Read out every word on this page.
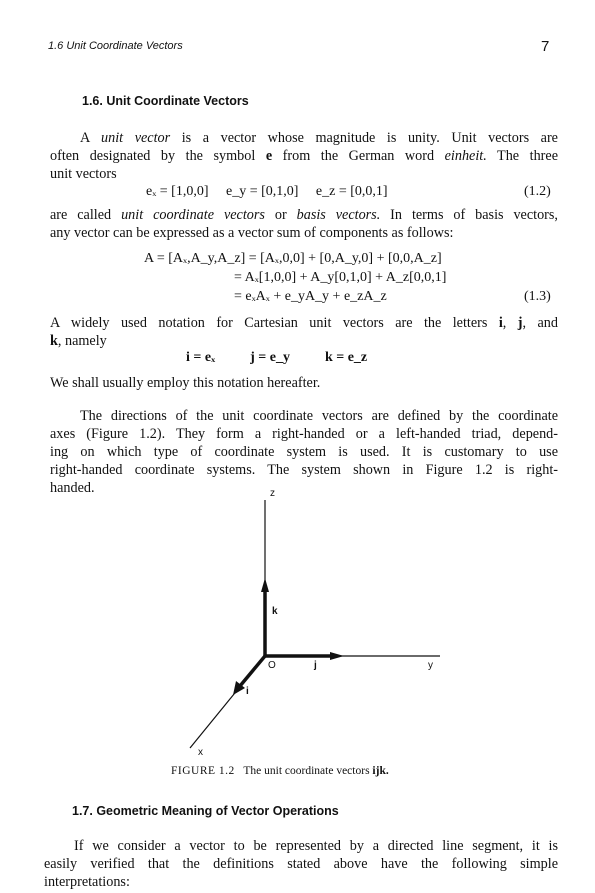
1.6 Unit Coordinate Vectors	7
1.6. Unit Coordinate Vectors
A unit vector is a vector whose magnitude is unity. Unit vectors are
often designated by the symbol e from the German word einheit. The three
unit vectors
eₓ = [1,0,0]     e_y = [0,1,0]     e_z = [0,0,1]	(1.2)
are called unit coordinate vectors or basis vectors. In terms of basis vectors,
any vector can be expressed as a vector sum of components as follows:
A = [Aₓ,A_y,A_z] = [Aₓ,0,0] + [0,A_y,0] + [0,0,A_z]
= Aₓ[1,0,0] + A_y[0,1,0] + A_z[0,0,1]
= eₓAₓ + e_yA_y + e_zA_z	(1.3)
A widely used notation for Cartesian unit vectors are the letters i, j, and
k, namely
i = eₓ          j = e_y          k = e_z
We shall usually employ this notation hereafter.
The directions of the unit coordinate vectors are defined by the coordinate
axes (Figure 1.2). They form a right-handed or a left-handed triad, depend-
ing on which type of coordinate system is used. It is customary to use
right-handed coordinate systems. The system shown in Figure 1.2 is right-
handed.	z
k
O	j	y
i
x
FIGURE 1.2 The unit coordinate vectors ijk.
1.7. Geometric Meaning of Vector Operations
If we consider a vector to be represented by a directed line segment, it is
easily verified that the definitions stated above have the following simple
interpretations:
